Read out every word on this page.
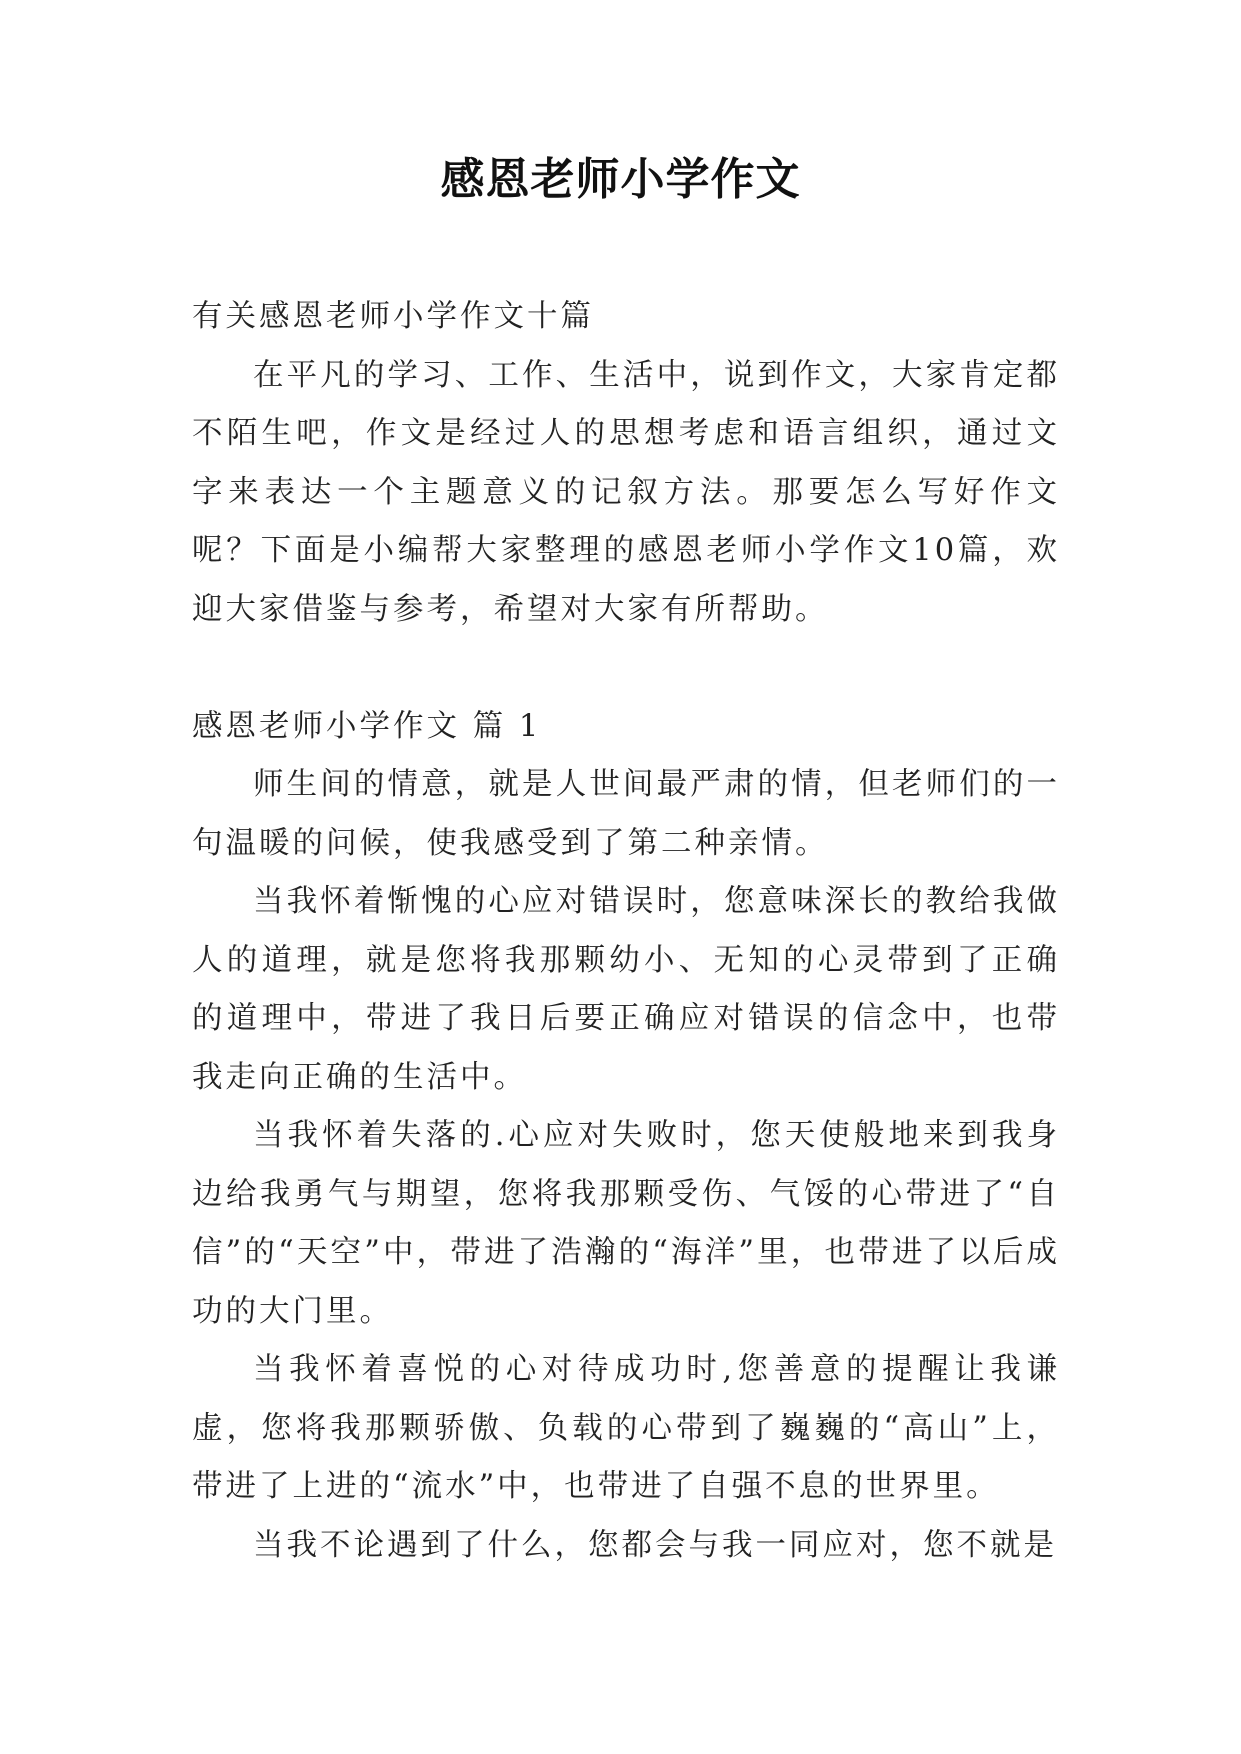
感恩老师小学作文

有关感恩老师小学作文十篇

在平凡的学习、工作、生活中，说到作文，大家肯定都不陌生吧，作文是经过人的思想考虑和语言组织，通过文字来表达一个主题意义的记叙方法。那要怎么写好作文呢？下面是小编帮大家整理的感恩老师小学作文10篇，欢迎大家借鉴与参考，希望对大家有所帮助。

感恩老师小学作文 篇 1

师生间的情意，就是人世间最严肃的情，但老师们的一句温暖的问候，使我感受到了第二种亲情。

当我怀着惭愧的心应对错误时，您意味深长的教给我做人的道理，就是您将我那颗幼小、无知的心灵带到了正确的道理中，带进了我日后要正确应对错误的信念中，也带我走向正确的生活中。

当我怀着失落的.心应对失败时，您天使般地来到我身边给我勇气与期望，您将我那颗受伤、气馁的心带进了“自信”的“天空”中，带进了浩瀚的“海洋”里，也带进了以后成功的大门里。

当我怀着喜悦的心对待成功时,您善意的提醒让我谦虚，您将我那颗骄傲、负载的心带到了巍巍的“高山”上，带进了上进的“流水”中，也带进了自强不息的世界里。

当我不论遇到了什么，您都会与我一同应对，您不就是
